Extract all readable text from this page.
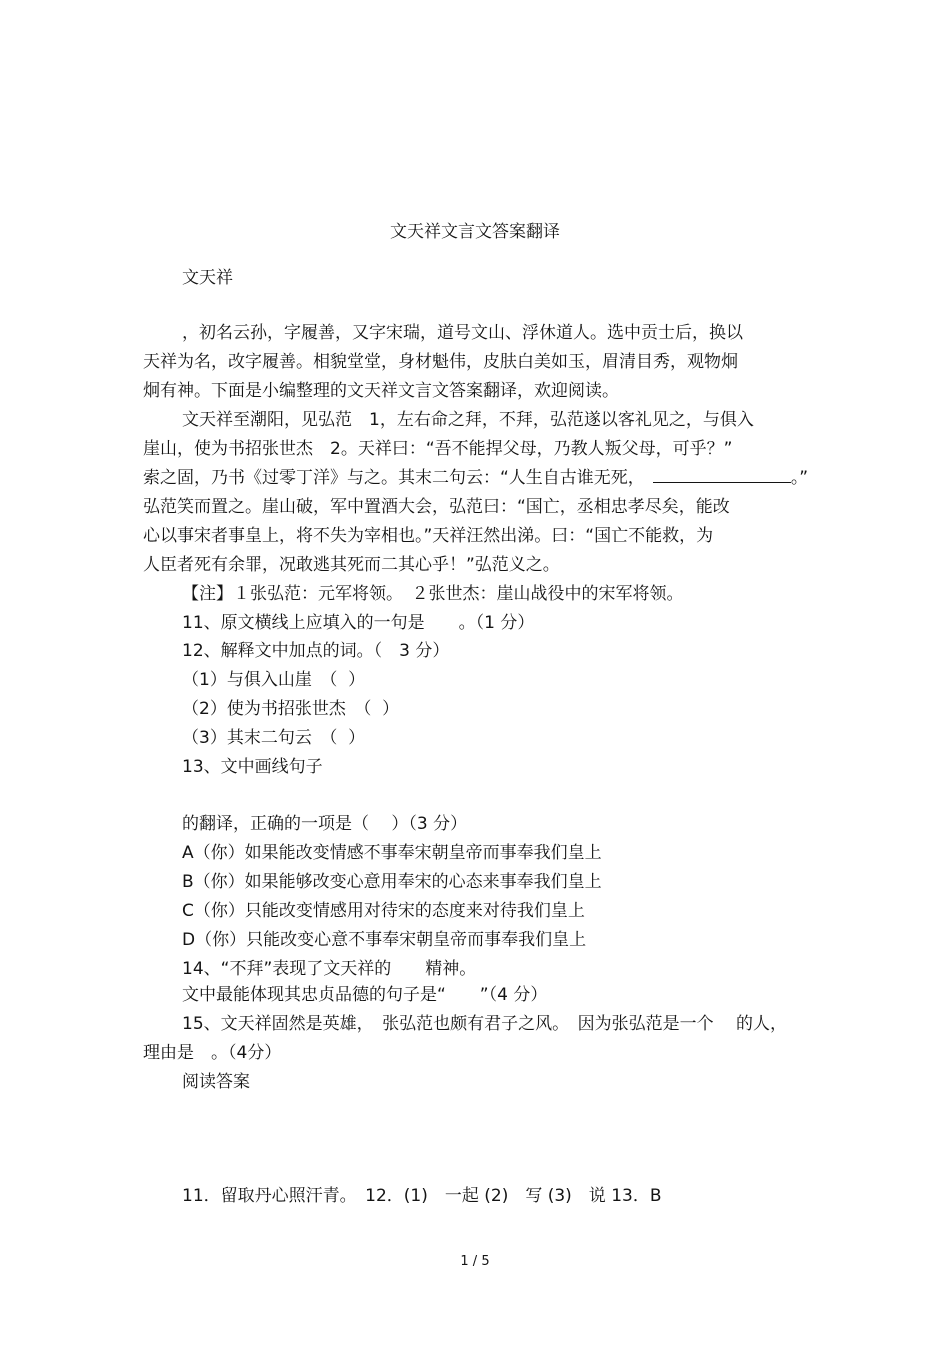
文天祥文言文答案翻译
文天祥
，初名云孙，字履善，又字宋瑞，道号文山、浮休道人。选中贡士后，换以
天祥为名，改字履善。相貌堂堂，身材魁伟，皮肤白美如玉，眉清目秀，观物炯
炯有神。下面是小编整理的文天祥文言文答案翻译，欢迎阅读。
文天祥至潮阳，见弘范　1，左右命之拜，不拜，弘范遂以客礼见之，与俱入
崖山，使为书招张世杰　2。天祥曰：“吾不能捍父母，乃教人叛父母，可乎？”
索之固，乃书《过零丁洋》与之。其末二句云：“人生自古谁无死，	。”
弘范笑而置之。崖山破，军中置酒大会，弘范曰：“国亡，丞相忠孝尽矣，能改
心以事宋者事皇上，将不失为宰相也。”天祥汪然出涕。曰：“国亡不能救，为
人臣者死有余罪，况敢逃其死而二其心乎！”弘范义之。
【注】１张弘范：元军将领。　２张世杰：崖山战役中的宋军将领。
11、原文横线上应填入的一句是　　。（1 分）
12、解释文中加点的词。（　3 分）
（1）与俱入山崖　（  ）
（2）使为书招张世杰　（  ）
（3）其末二句云　（  ）
13、文中画线句子
的翻译，正确的一项是（　 ）（3 分）
A（你）如果能改变情感不事奉宋朝皇帝而事奉我们皇上
B（你）如果能够改变心意用奉宋的心态来事奉我们皇上
C（你）只能改变情感用对待宋的态度来对待我们皇上
D（你）只能改变心意不事奉宋朝皇帝而事奉我们皇上
14、“不拜”表现了文天祥的　　精神。
文中最能体现其忠贞品德的句子是“　　”（4 分）
15、文天祥固然是英雄，　张弘范也颇有君子之风。　因为张弘范是一个　 的人，
理由是　。（4分）
阅读答案
11．留取丹心照汗青。　12．(1)　一起 (2)　写 (3)　说 13．B
1 / 5
